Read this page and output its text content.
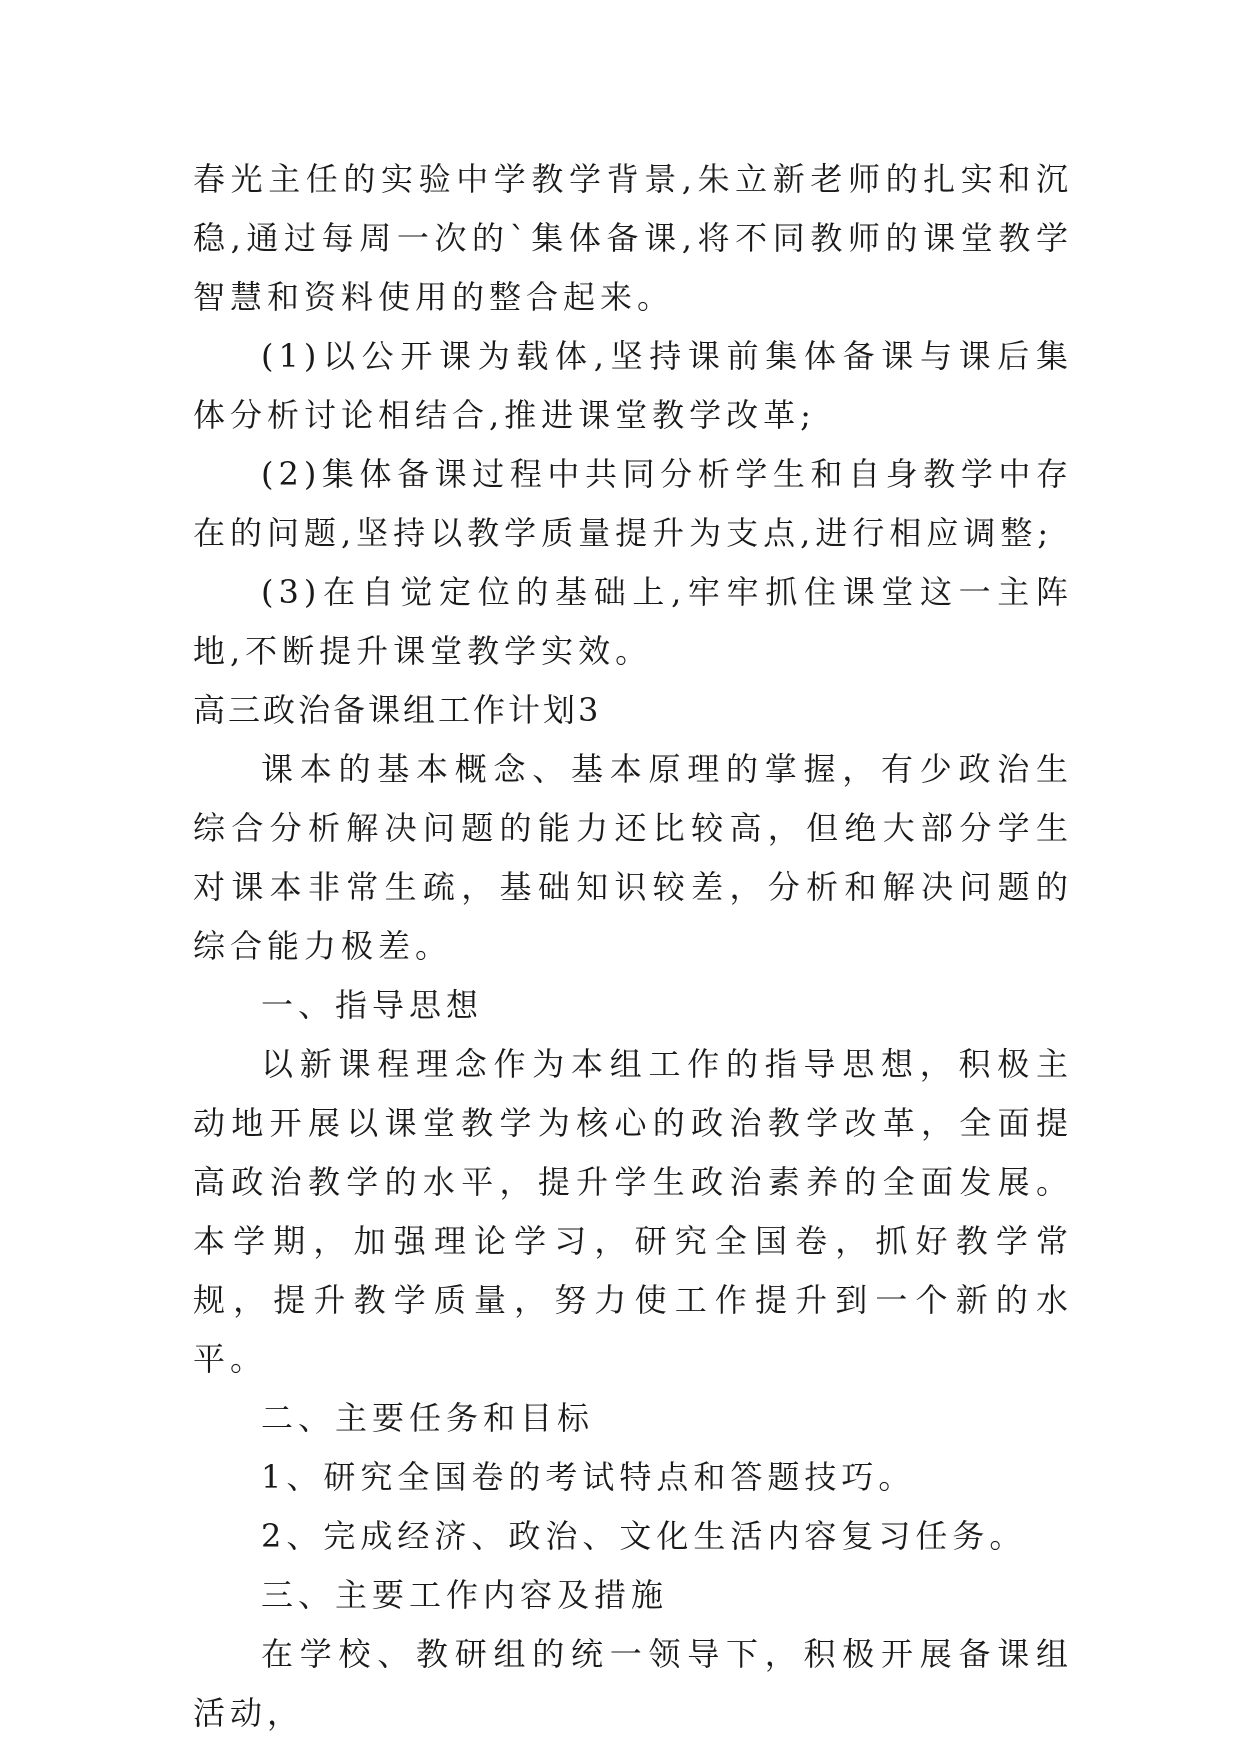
春光主任的实验中学教学背景,朱立新老师的扎实和沉稳,通过每周一次的`集体备课,将不同教师的课堂教学智慧和资料使用的整合起来。

(1)以公开课为载体,坚持课前集体备课与课后集体分析讨论相结合,推进课堂教学改革;

(2)集体备课过程中共同分析学生和自身教学中存在的问题,坚持以教学质量提升为支点,进行相应调整;

(3)在自觉定位的基础上,牢牢抓住课堂这一主阵地,不断提升课堂教学实效。

高三政治备课组工作计划3

课本的基本概念、基本原理的掌握，有少政治生综合分析解决问题的能力还比较高，但绝大部分学生对课本非常生疏，基础知识较差，分析和解决问题的综合能力极差。

一、指导思想

以新课程理念作为本组工作的指导思想，积极主动地开展以课堂教学为核心的政治教学改革，全面提高政治教学的水平，提升学生政治素养的全面发展。本学期，加强理论学习，研究全国卷，抓好教学常规，提升教学质量，努力使工作提升到一个新的水平。

二、主要任务和目标

1、研究全国卷的考试特点和答题技巧。

2、完成经济、政治、文化生活内容复习任务。

三、主要工作内容及措施

在学校、教研组的统一领导下，积极开展备课组活动，
